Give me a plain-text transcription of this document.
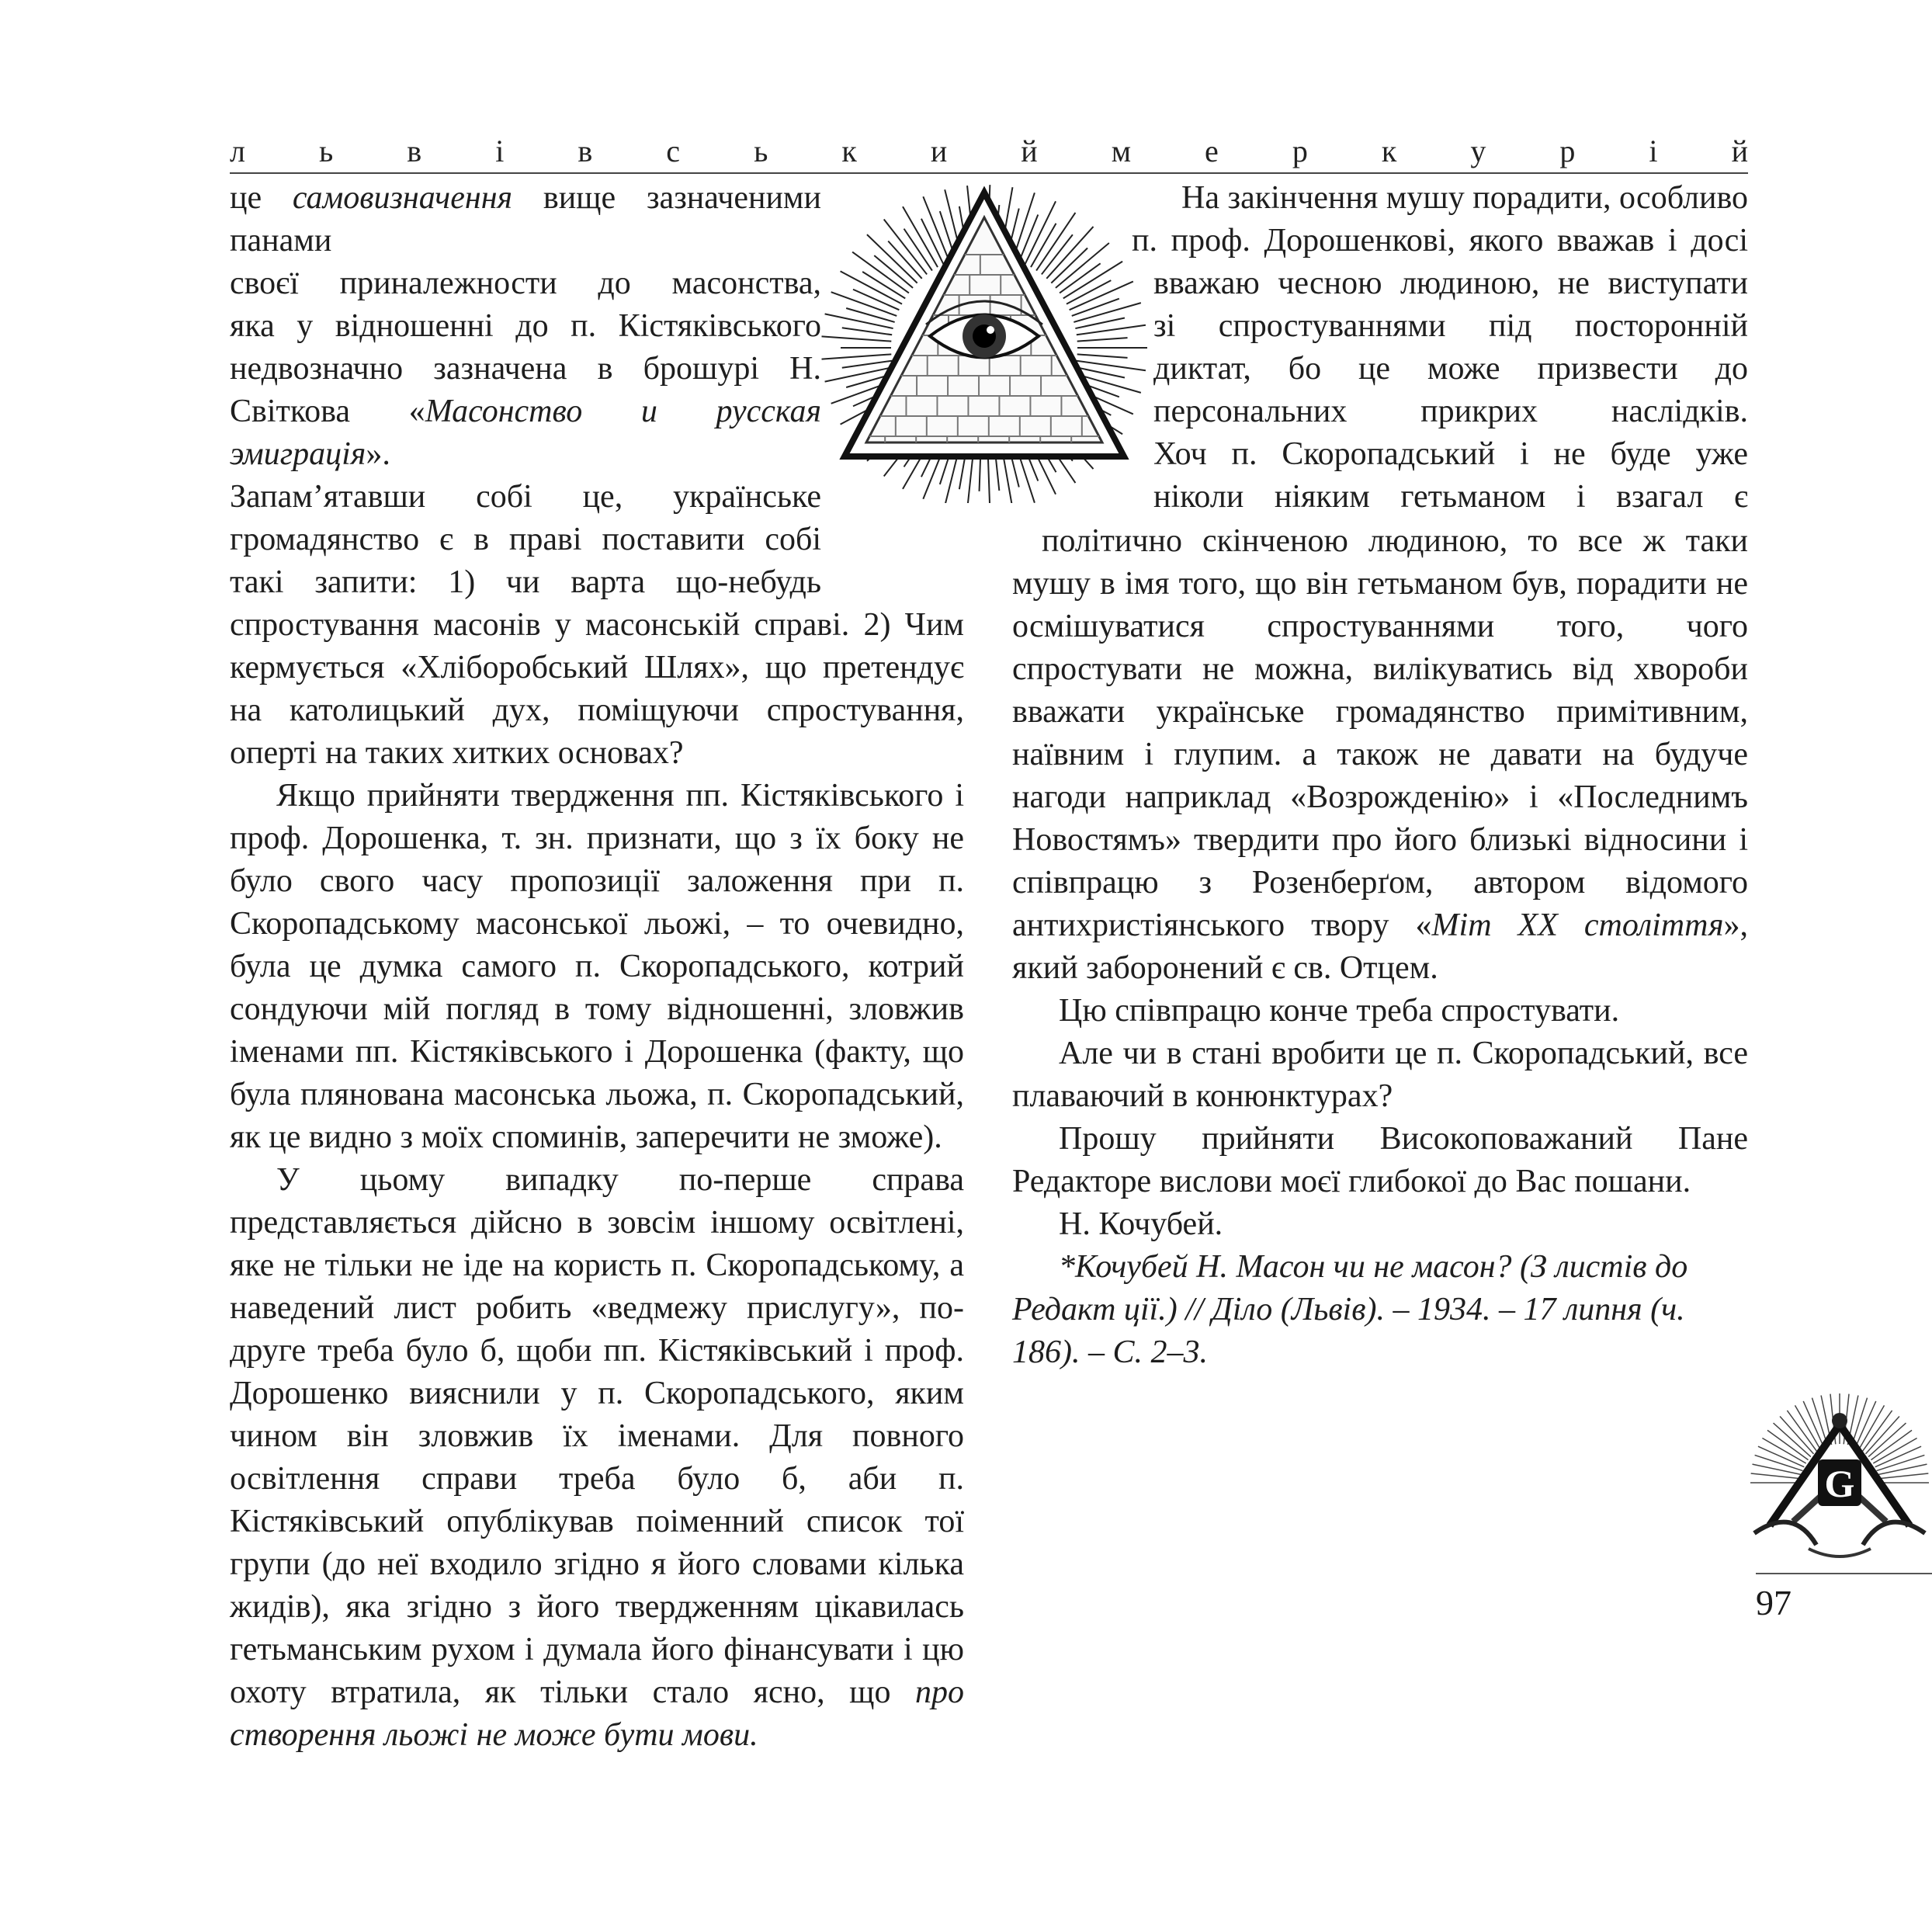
л ь в і в с ь к и й м е р к у р і й
це самовизначення вище зазначеними панами
своєї приналежности до масонства,
яка у відношенні до п. Кістяківського
недвозначно зазначена в брошурі Н.
Світкова «Масонство и русская эмиграція».
Запам’ятавши собі це, українське
громадянство є в праві поставити собі
такі запити: 1) чи варта що-небудь

спростування масонів у масонській справі. 2) Чим кермується «Хліборобський Шлях», що претендує на католицький дух, поміщуючи спростування, оперті на таких хитких основах?

Якщо прийняти твердження пп. Кістяківського і проф. Дорошенка, т. зн. признати, що з їх боку не було свого часу пропозиції заложення при п. Скоропадському масонської льожі, – то очевидно, була це думка самого п. Скоропадського, котрий сондуючи мій погляд в тому відношенні, зловжив іменами пп. Кістяківського і Дорошенка (факту, що була плянована масонська льожа, п. Скоропадський, як це видно з моїх споминів, заперечити не зможе).

У цьому випадку по-перше справа представляється дійсно в зовсім іншому освітлені, яке не тільки не іде на користь п. Скоропадському, а наведений лист робить «ведмежу прислугу», по-друге треба було б, щоби пп. Кістяківський і проф. Дорошенко вияснили у п. Скоропадського, яким чином він зловжив їх іменами. Для повного освітлення справи треба було б, аби п. Кістяківський опублікував поіменний список тої групи (до неї входило згідно я його словами кілька жидів), яка згідно з його твердженням цікавилась гетьманським рухом і думала його фінансувати і цю охоту втратила, як тільки стало ясно, що про створення льожі не може бути мови.

На закінчення мушу порадити, особливо
п. проф. Дорошенкові, якого вважав і досі
вважаю чесною людиною, не виступати
зі спростуваннями під посторонній
диктат, бо це може призвести до
персональних прикрих наслідків.
Хоч п. Скоропадський і не буде уже
ніколи ніяким гетьманом і взагал є

політично скінченою людиною, то все ж таки мушу в імя того, що він гетьманом був, порадити не осмішуватися спростуваннями того, чого спростувати не можна, вилікуватись від хвороби вважати українське громадянство примітивним, наївним і глупим. а також не давати на будуче нагоди наприклад «Возрожденію» і «Последнимъ Новостямъ» твердити про його близькі відносини і співпрацю з Розенберґом, автором відомого антихристіянського твору «Міт ХХ століття», який заборонений є св. Отцем.

Цю співпрацю конче треба спростувати.

Але чи в стані вробити це п. Скоропадський, все плаваючий в конюнктурах?

Прошу прийняти Високоповажаний Пане Редакторе вислови моєї глибокої до Вас пошани.

Н. Кочубей.

*Кочубей Н. Масон чи не масон? (З листів до Редакт ції.) // Діло (Львів). – 1934. – 17 липня (ч. 186). – С. 2–3.

G
97
